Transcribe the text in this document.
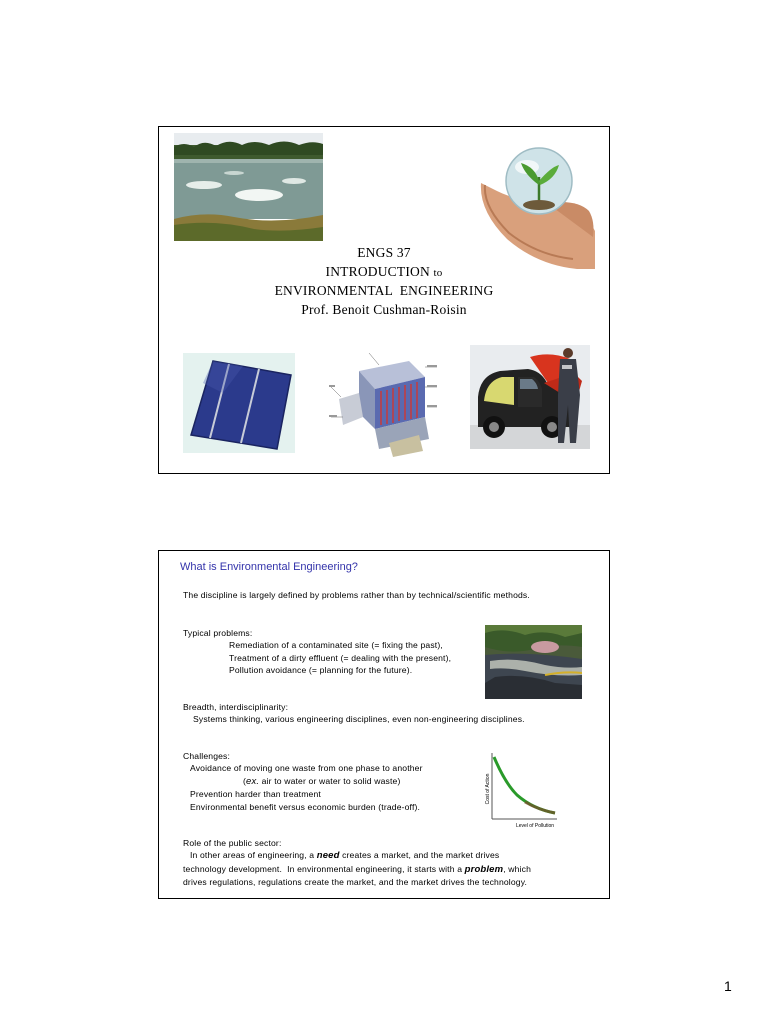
ENGS 37
INTRODUCTION to
ENVIRONMENTAL  ENGINEERING
Prof. Benoit Cushman-Roisin
What is Environmental Engineering?
The discipline is largely defined by problems rather than by technical/scientific methods.
Typical problems:
Remediation of a contaminated site (= fixing the past),
Treatment of a dirty effluent (= dealing with the present),
Pollution avoidance (= planning for the future).
Breadth, interdisciplinarity:
Systems thinking, various engineering disciplines, even non-engineering disciplines.
Challenges:
Avoidance of moving one waste from one phase to another
(ex. air to water or water to solid waste)
Prevention harder than treatment
Environmental benefit versus economic burden (trade-off).
Cost of Action
Level of Pollution
Role of the public sector:
In other areas of engineering, a need creates a market, and the market drives
technology development.  In environmental engineering, it starts with a problem, which
drives regulations, regulations create the market, and the market drives the technology.
1
